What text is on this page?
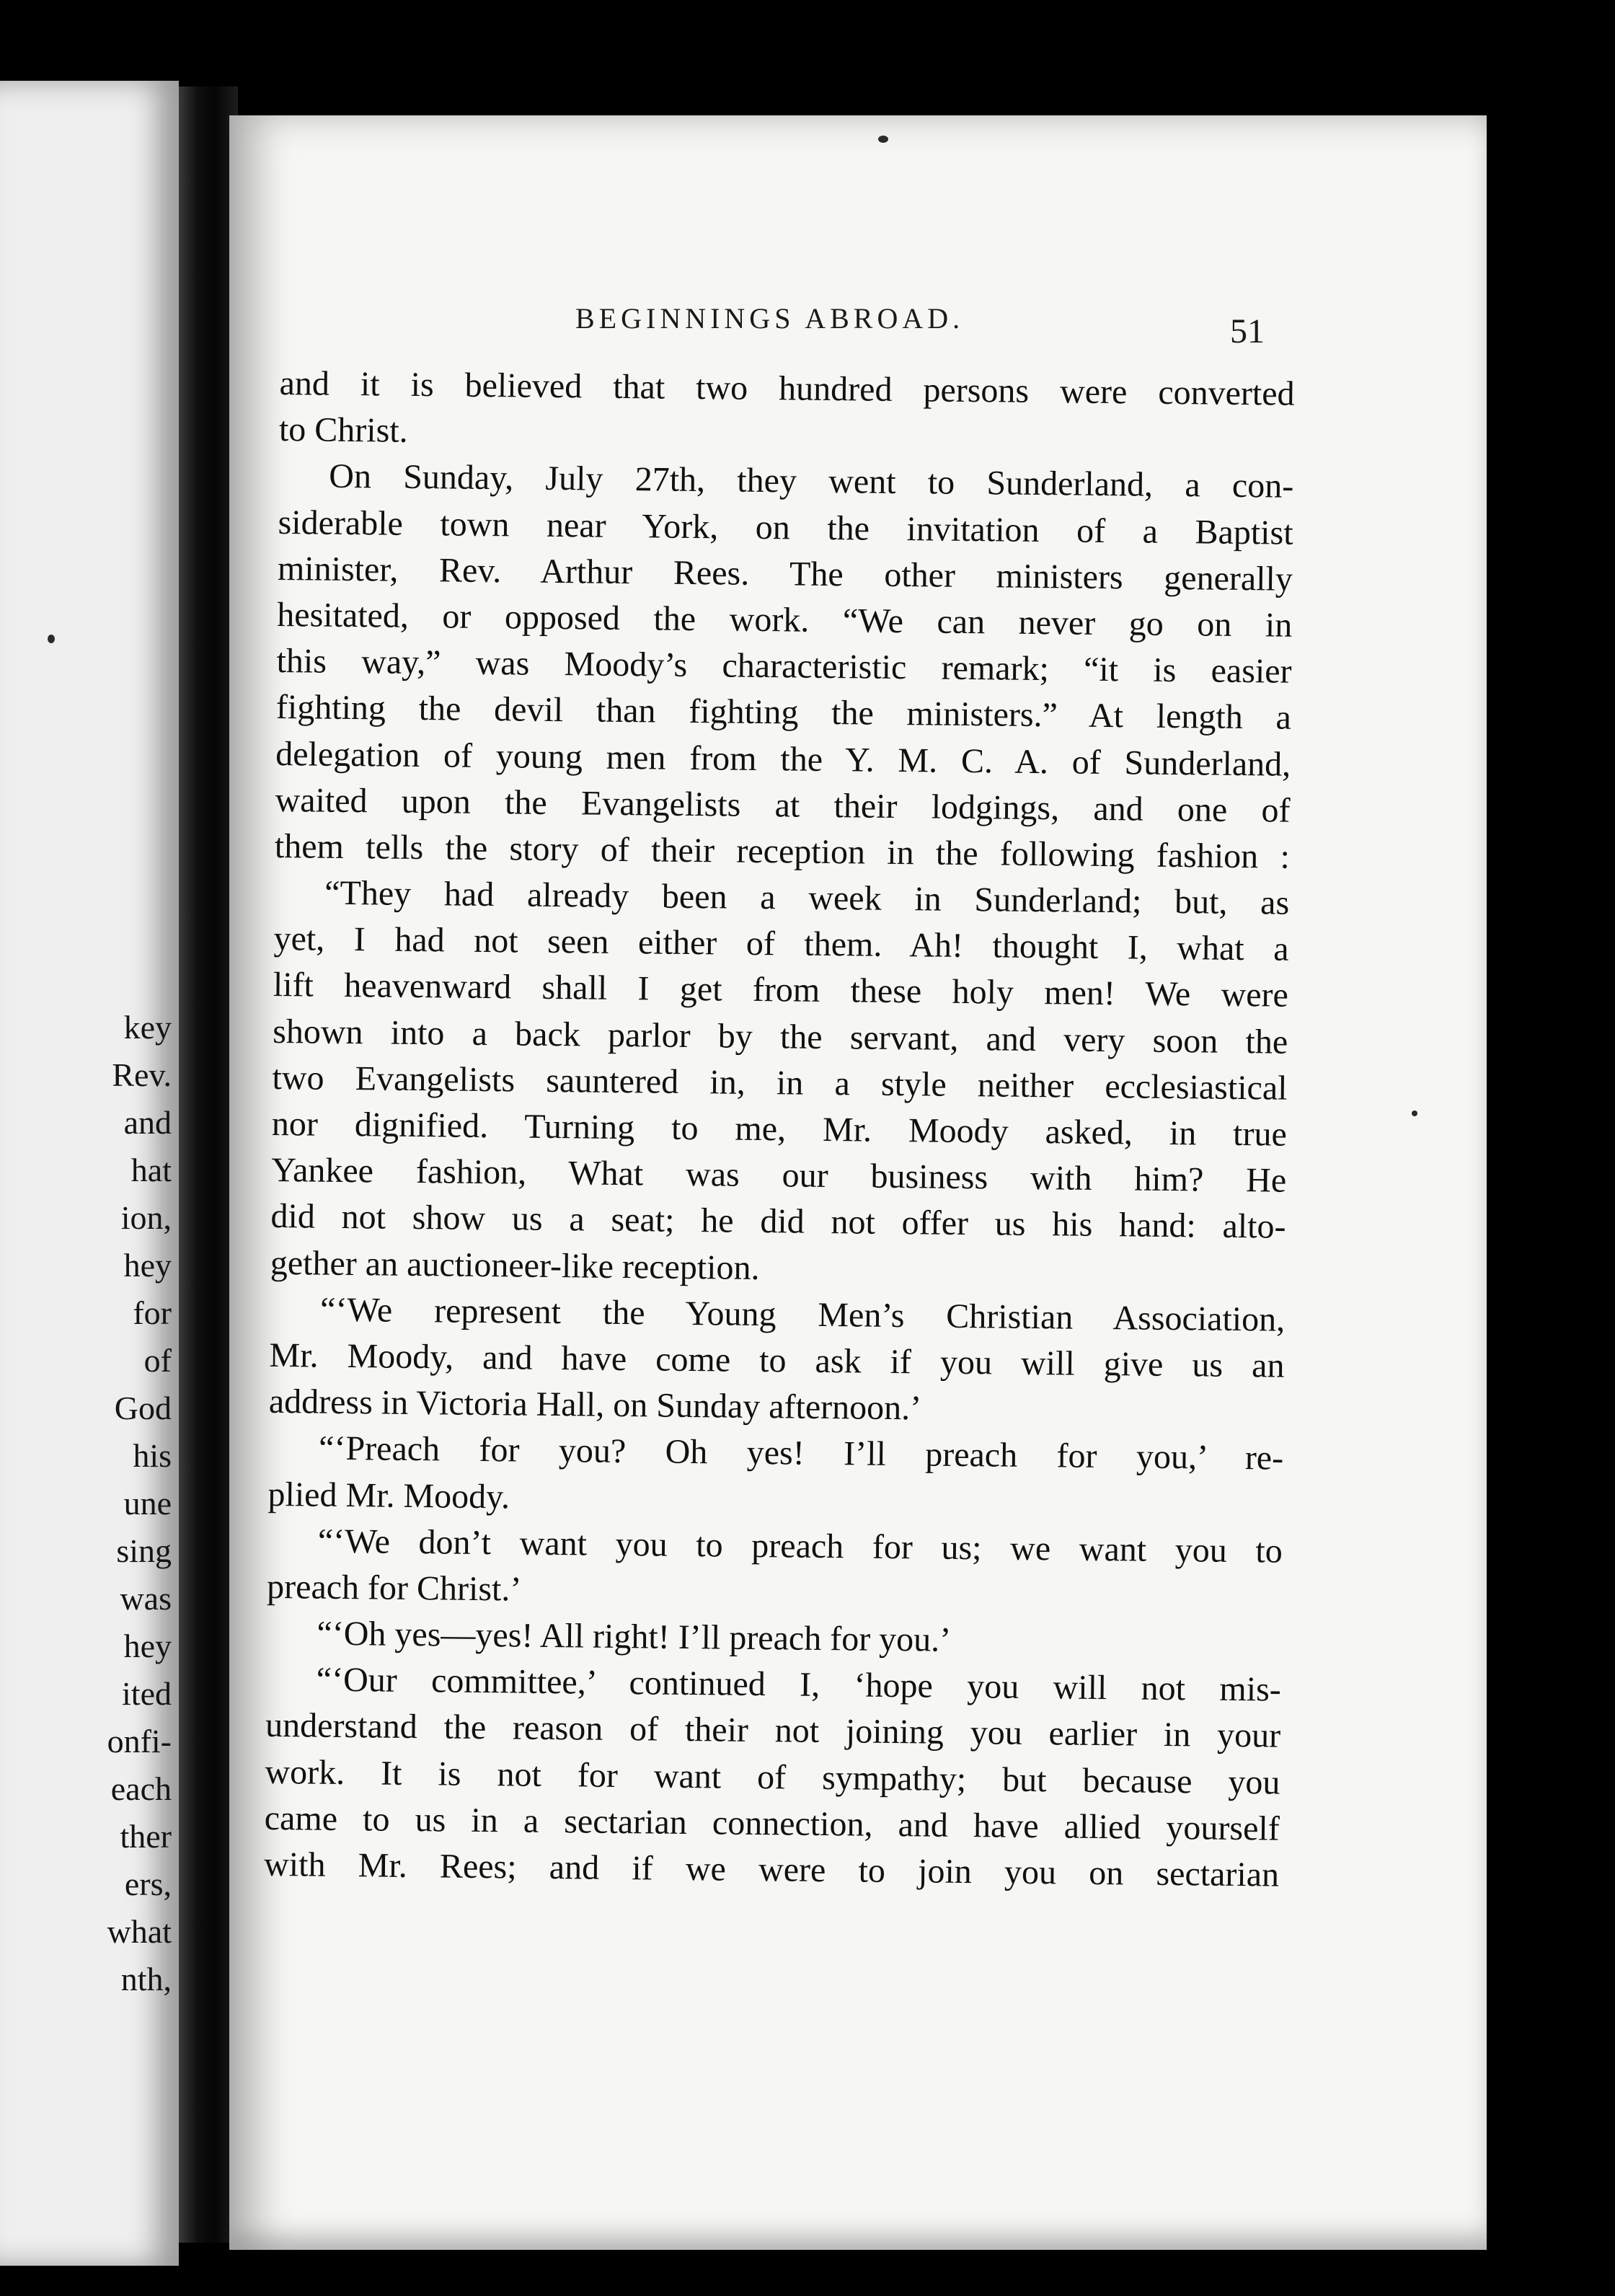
key
Rev.
and
hat
ion,
hey
for
of
God
his
une
sing
was
hey
ited
onfi-
each
ther
ers,
what
nth,
BEGINNINGS ABROAD.	51
and it is believed that two hundred persons were converted
to Christ.
On Sunday, July 27th, they went to Sunderland, a con-
siderable town near York, on the invitation of a Baptist
minister, Rev. Arthur Rees. The other ministers generally
hesitated, or opposed the work. “We can never go on in
this way,” was Moody’s characteristic remark; “it is easier
fighting the devil than fighting the ministers.” At length a
delegation of young men from the Y. M. C. A. of Sunderland,
waited upon the Evangelists at their lodgings, and one of
them tells the story of their reception in the following fashion :
“They had already been a week in Sunderland; but, as
yet, I had not seen either of them. Ah! thought I, what a
lift heavenward shall I get from these holy men! We were
shown into a back parlor by the servant, and very soon the
two Evangelists sauntered in, in a style neither ecclesiastical
nor dignified. Turning to me, Mr. Moody asked, in true
Yankee fashion, What was our business with him? He
did not show us a seat; he did not offer us his hand: alto-
gether an auctioneer-like reception.
“‘We represent the Young Men’s Christian Association,
Mr. Moody, and have come to ask if you will give us an
address in Victoria Hall, on Sunday afternoon.’
“‘Preach for you? Oh yes! I’ll preach for you,’ re-
plied Mr. Moody.
“‘We don’t want you to preach for us; we want you to
preach for Christ.’
“‘Oh yes—yes! All right! I’ll preach for you.’
“‘Our committee,’ continued I, ‘hope you will not mis-
understand the reason of their not joining you earlier in your
work. It is not for want of sympathy; but because you
came to us in a sectarian connection, and have allied yourself
with Mr. Rees; and if we were to join you on sectarian
